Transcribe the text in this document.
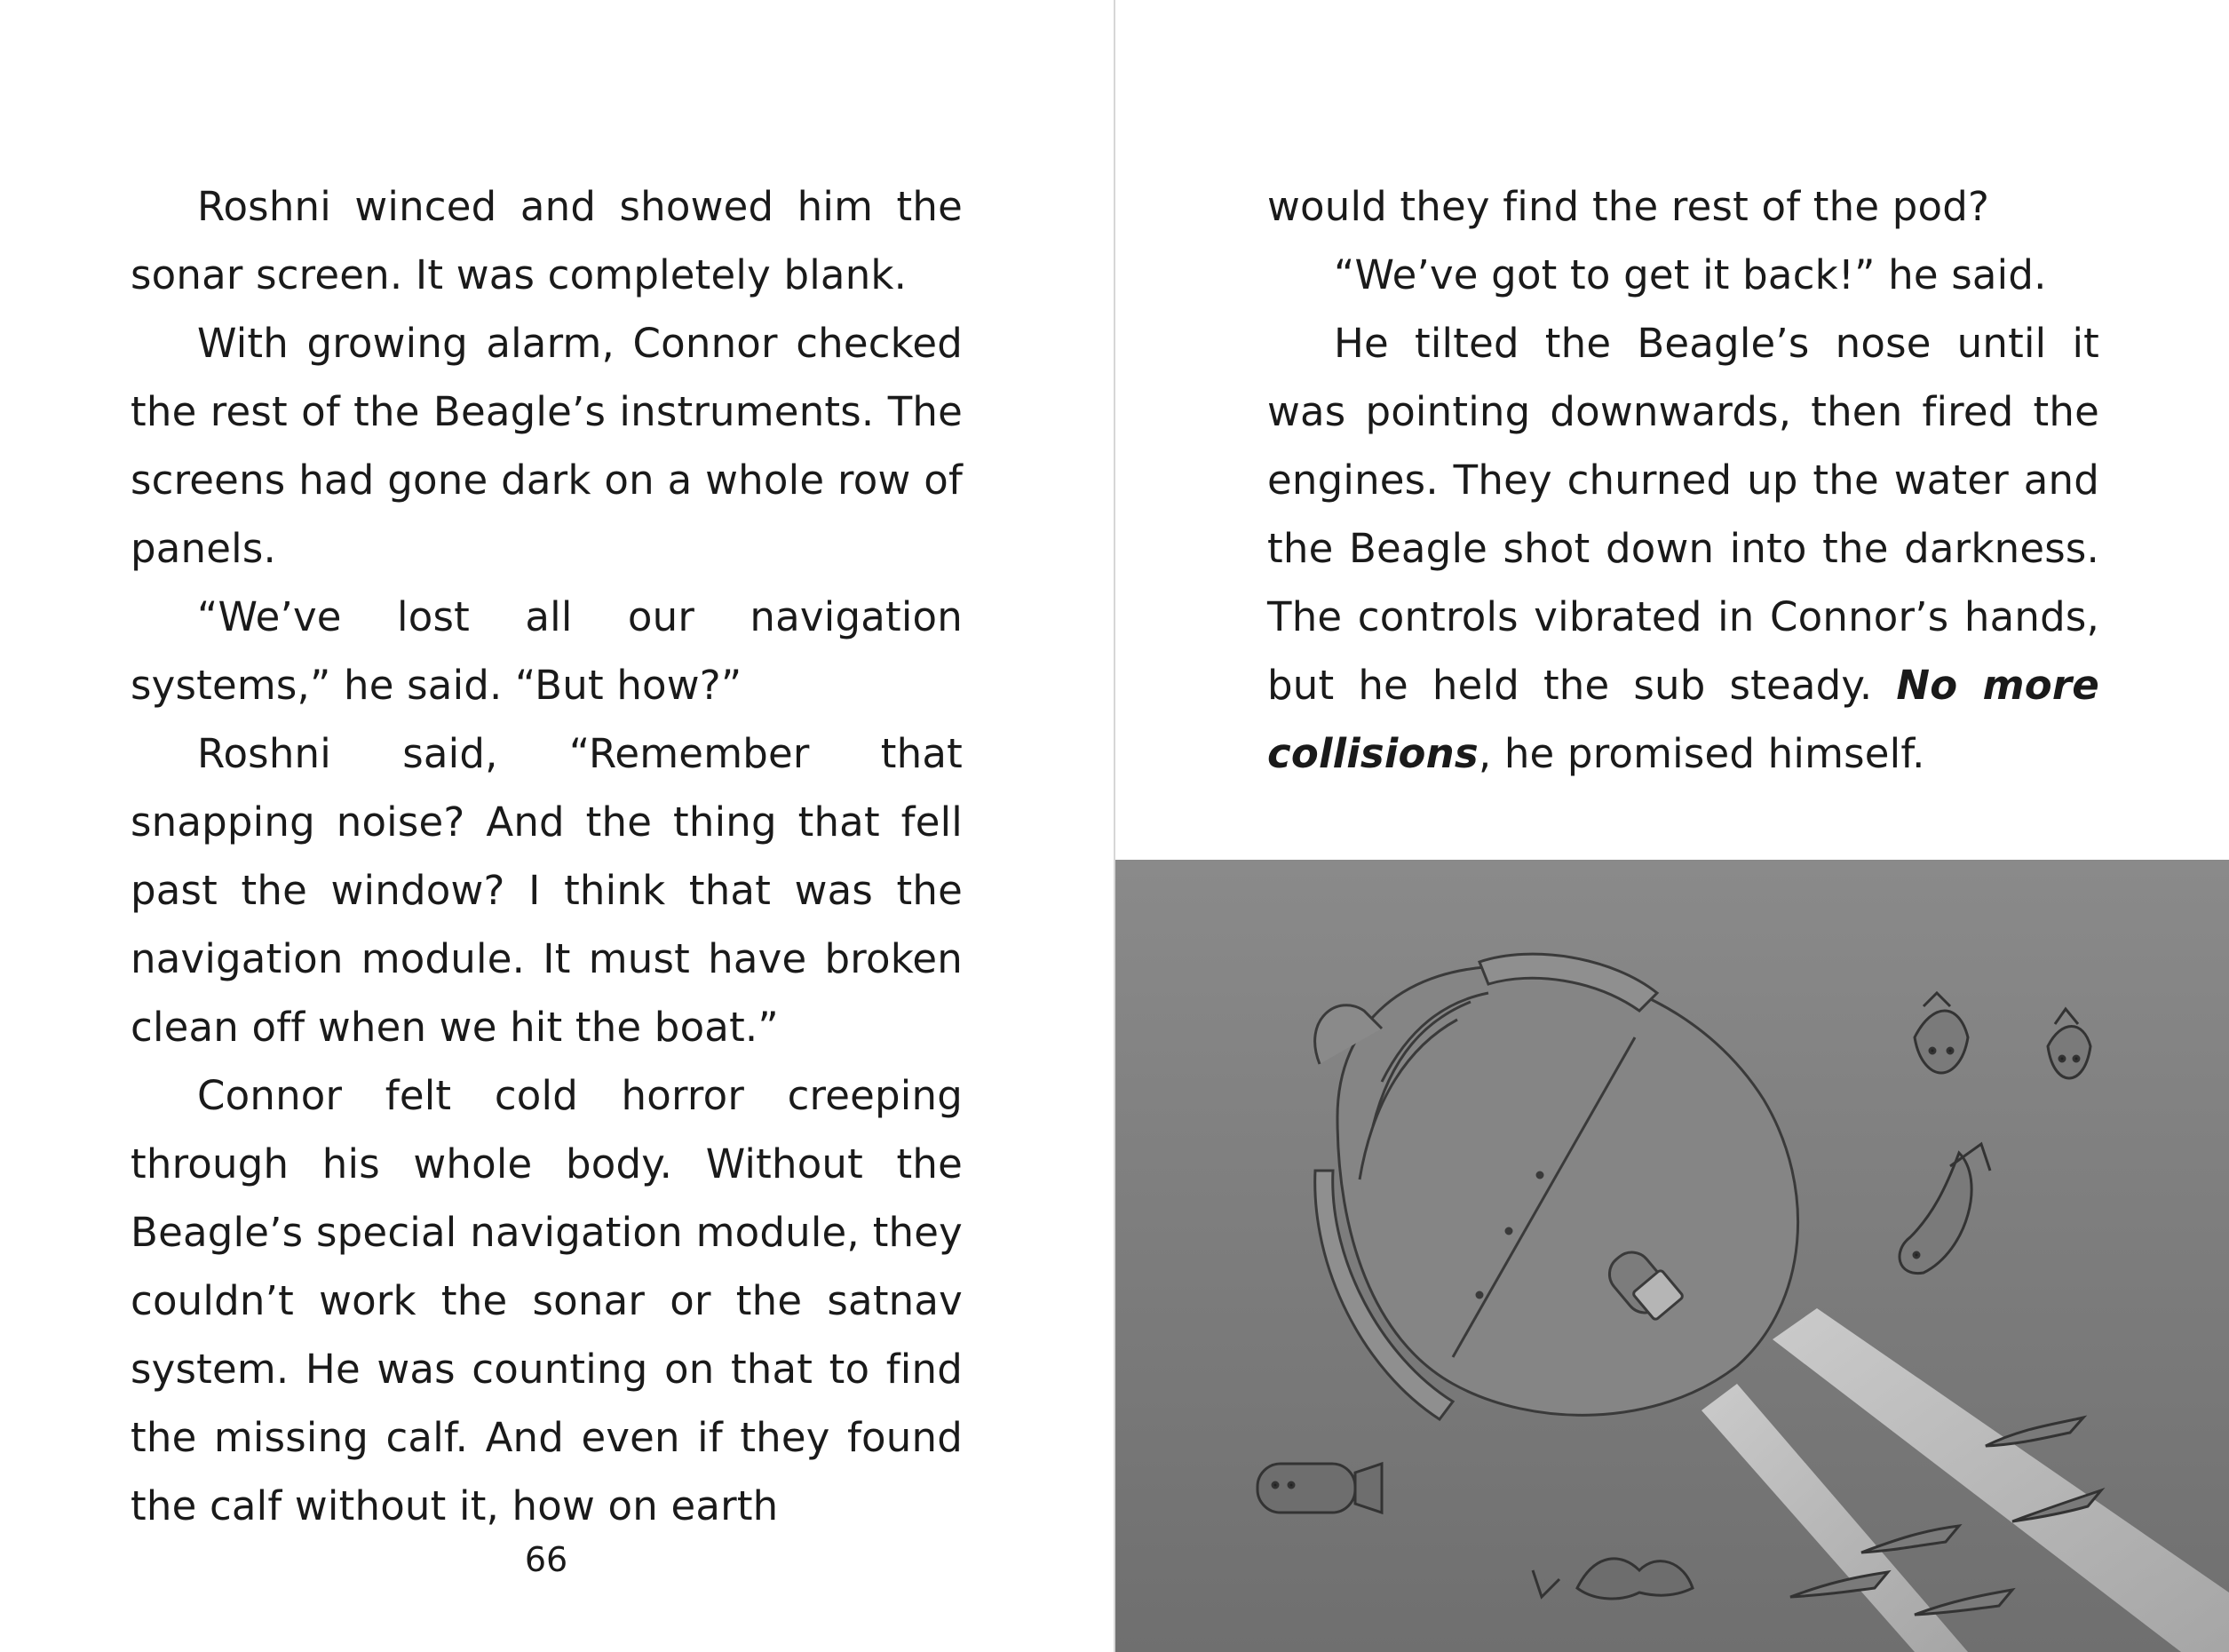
Roshni winced and showed him the sonar screen. It was completely blank.

With growing alarm, Connor checked the rest of the Beagle’s instruments. The screens had gone dark on a whole row of panels.

“We’ve lost all our navigation systems,” he said. “But how?”

Roshni said, “Remember that snapping noise? And the thing that fell past the window? I think that was the navigation module. It must have broken clean off when we hit the boat.”

Connor felt cold horror creeping through his whole body. Without the Beagle’s special navigation module, they couldn’t work the sonar or the satnav system. He was counting on that to find the missing calf. And even if they found the calf without it, how on earth

66

would they find the rest of the pod?

“We’ve got to get it back!” he said.

He tilted the Beagle’s nose until it was pointing downwards, then fired the engines. They churned up the water and the Beagle shot down into the darkness. The controls vibrated in Connor’s hands, but he held the sub steady. No more collisions, he promised himself.
